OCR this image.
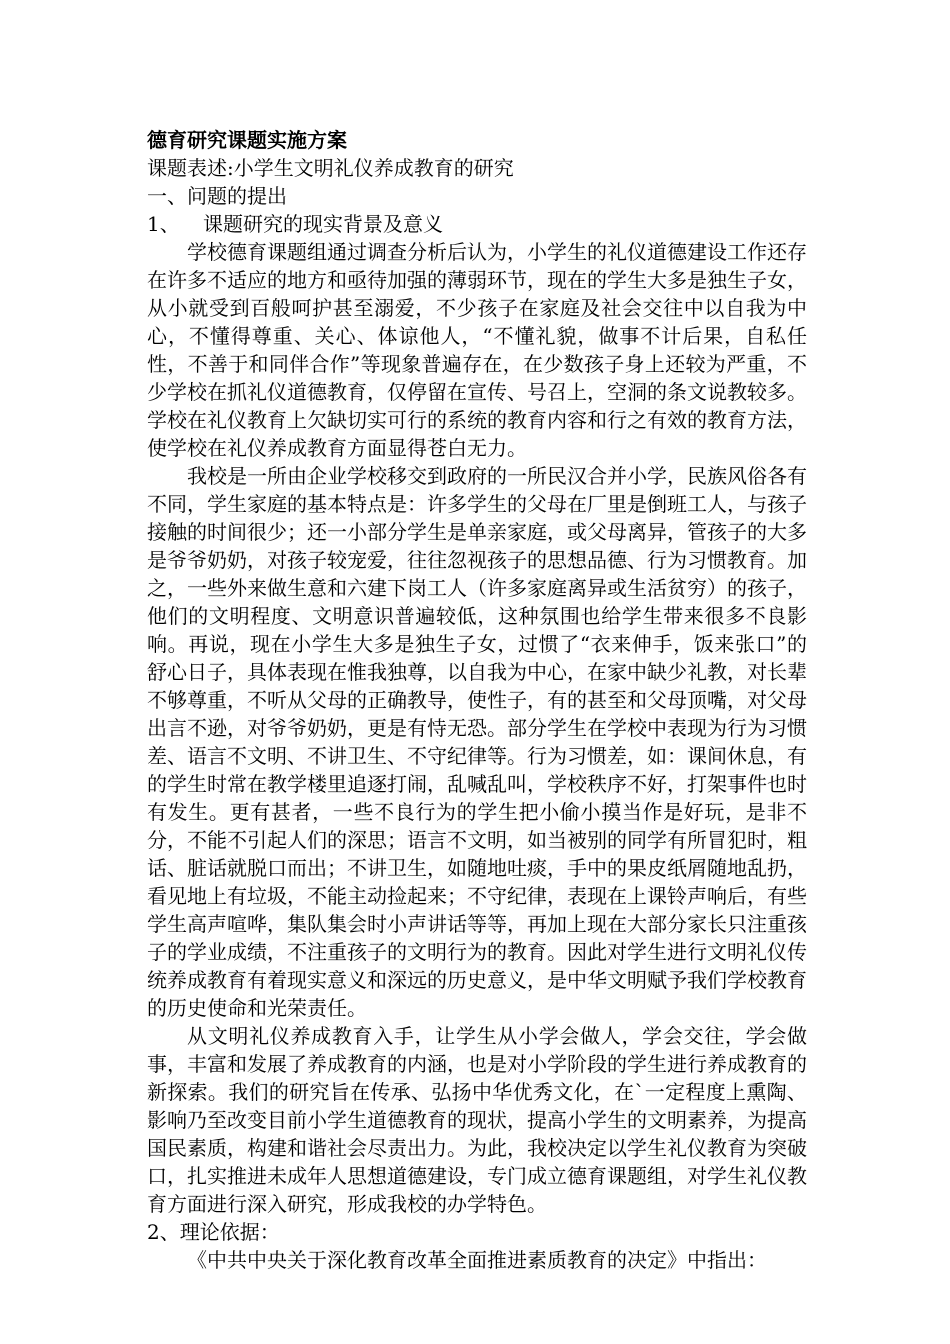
德育研究课题实施方案

课题表述:小学生文明礼仪养成教育的研究

一、问题的提出

1、 课题研究的现实背景及意义

学校德育课题组通过调查分析后认为，小学生的礼仪道德建设工作还存在许多不适应的地方和亟待加强的薄弱环节，现在的学生大多是独生子女，从小就受到百般呵护甚至溺爱，不少孩子在家庭及社会交往中以自我为中心，不懂得尊重、关心、体谅他人，“不懂礼貌，做事不计后果，自私任性，不善于和同伴合作”等现象普遍存在，在少数孩子身上还较为严重，不少学校在抓礼仪道德教育，仅停留在宣传、号召上，空洞的条文说教较多。学校在礼仪教育上欠缺切实可行的系统的教育内容和行之有效的教育方法，使学校在礼仪养成教育方面显得苍白无力。

我校是一所由企业学校移交到政府的一所民汉合并小学，民族风俗各有不同，学生家庭的基本特点是：许多学生的父母在厂里是倒班工人，与孩子接触的时间很少；还一小部分学生是单亲家庭，或父母离异，管孩子的大多是爷爷奶奶，对孩子较宠爱，往往忽视孩子的思想品德、行为习惯教育。加之，一些外来做生意和六建下岗工人（许多家庭离异或生活贫穷）的孩子，他们的文明程度、文明意识普遍较低，这种氛围也给学生带来很多不良影响。再说，现在小学生大多是独生子女，过惯了“衣来伸手，饭来张口”的舒心日子，具体表现在惟我独尊，以自我为中心，在家中缺少礼教，对长辈不够尊重，不听从父母的正确教导，使性子，有的甚至和父母顶嘴，对父母出言不逊，对爷爷奶奶，更是有恃无恐。部分学生在学校中表现为行为习惯差、语言不文明、不讲卫生、不守纪律等。行为习惯差，如：课间休息，有的学生时常在教学楼里追逐打闹，乱喊乱叫，学校秩序不好，打架事件也时有发生。更有甚者，一些不良行为的学生把小偷小摸当作是好玩，是非不分，不能不引起人们的深思；语言不文明，如当被别的同学有所冒犯时，粗话、脏话就脱口而出；不讲卫生，如随地吐痰，手中的果皮纸屑随地乱扔，看见地上有垃圾，不能主动捡起来；不守纪律，表现在上课铃声响后，有些学生高声喧哗，集队集会时小声讲话等等，再加上现在大部分家长只注重孩子的学业成绩，不注重孩子的文明行为的教育。因此对学生进行文明礼仪传统养成教育有着现实意义和深远的历史意义，是中华文明赋予我们学校教育的历史使命和光荣责任。

从文明礼仪养成教育入手，让学生从小学会做人，学会交往，学会做事，丰富和发展了养成教育的内涵，也是对小学阶段的学生进行养成教育的新探索。我们的研究旨在传承、弘扬中华优秀文化，在`一定程度上熏陶、影响乃至改变目前小学生道德教育的现状，提高小学生的文明素养，为提高国民素质，构建和谐社会尽责出力。为此，我校决定以学生礼仪教育为突破口，扎实推进未成年人思想道德建设，专门成立德育课题组，对学生礼仪教育方面进行深入研究，形成我校的办学特色。

2、理论依据：

《中共中央关于深化教育改革全面推进素质教育的决定》中指出：
